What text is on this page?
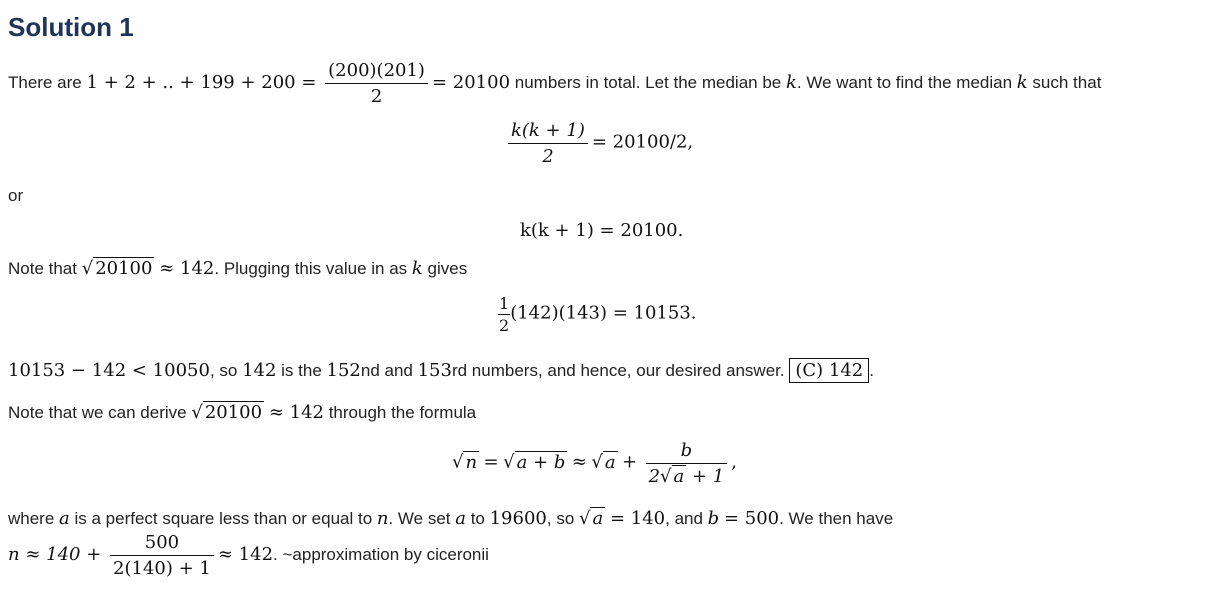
Solution 1
There are 1 + 2 + .. + $199 + 200 = \frac{(200)(201)}{2} = 20100$ numbers in total. Let the median be k. We want to find the median k such that
$\frac{k(k + 1)}{2} = 20100/2$,
or
k(k + 1) = 20100.
Note that √ 20100 ≈ 142. Plugging this value in as k gives
$\frac{1}{2} (142)(143) = 10153$.
10153 − 142 < 10050, so 142 is the 152nd and 153rd numbers, and hence, our desired answer. (C) 142 .
Note that we can derive √ 20100 ≈ 142 through the formula
√ n = √ a + b ≈ √ $a + \frac{b}{2√ a + 1}$ ,
where a is a perfect square less than or equal to n. We set a to 19600, so √ a = 140, and b = 500. We then have
$n \approx 140 + \frac{500}{2(140) + 1} \approx 142$. ~approximation by ciceronii
